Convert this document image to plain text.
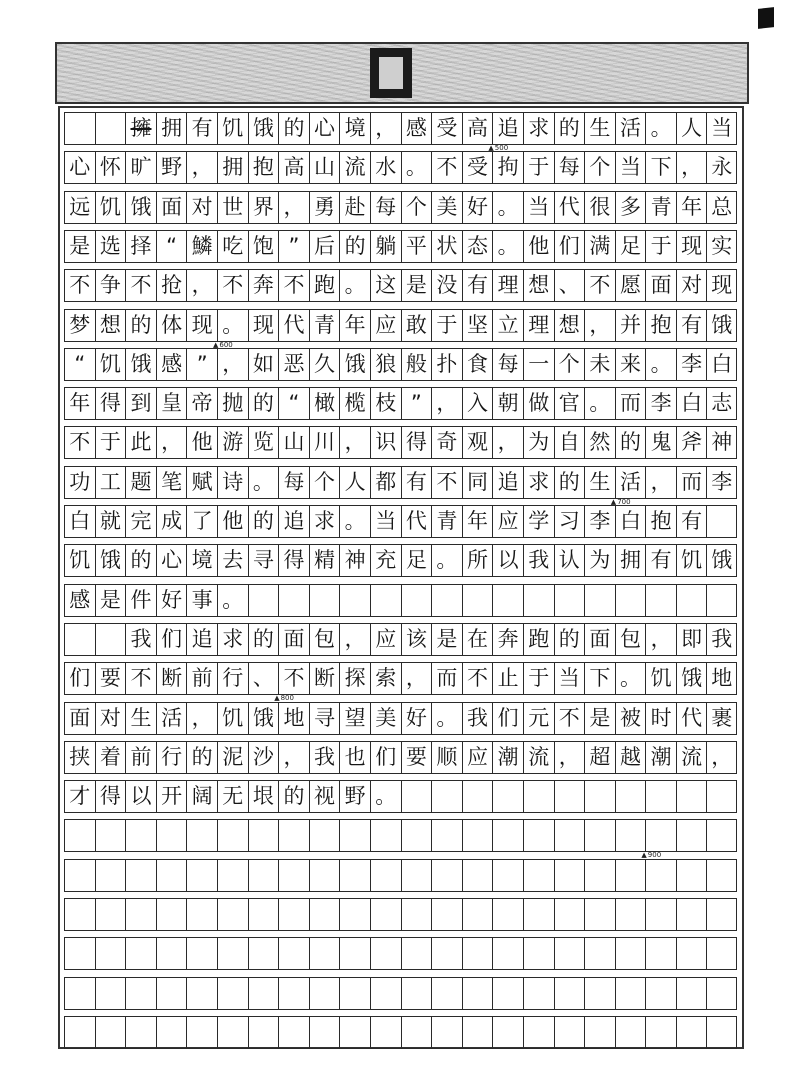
擁 拥 有 饥 饿 的 心 境 ， 感 受 高 追 求 的 生 活 。 人 当
心 怀 旷 野 ， 拥 抱 高 山 流 水 。 不 受 拘 于 每 个 当 下 ， 永
远 饥 饿 面 对 世 界 ， 勇 赴 每 个 美 好 。 当 代 很 多 青 年 总
是 选 择 “ 鱗 吃 饱 ” 后 的 躺 平 状 态 。 他 们 满 足 于 现 实
不 争 不 抢 ， 不 奔 不 跑 。 这 是 没 有 理 想 、 不 愿 面 对 现
梦 想 的 体 现 。 现 代 青 年 应 敢 于 坚 立 理 想 ， 并 抱 有 饿
“ 饥 饿 感 ” ， 如 恶 久 饿 狼 般 扑 食 每 一 个 未 来 。 李 白
年 得 到 皇 帝 抛 的 “ 橄 榄 枝 ” ， 入 朝 做 官 。 而 李 白 志
不 于 此 ， 他 游 览 山 川 ， 识 得 奇 观 ， 为 自 然 的 鬼 斧 神
功 工 题 笔 赋 诗 。 每 个 人 都 有 不 同 追 求 的 生 活 ， 而 李
白 就 完 成 了 他 的 追 求 。 当 代 青 年 应 学 习 李 白 抱 有
饥 饿 的 心 境 去 寻 得 精 神 充 足 。 所 以 我 认 为 拥 有 饥 饿
感 是 件 好 事 。
我 们 追 求 的 面 包 ， 应 该 是 在 奔 跑 的 面 包 ， 即 我
们 要 不 断 前 行 、 不 断 探 索 ， 而 不 止 于 当 下 。 饥 饿 地
面 对 生 活 ， 饥 饿 地 寻 望 美 好 。 我 们 元 不 是 被 时 代 裹
挟 着 前 行 的 泥 沙 ， 我 也 们 要 顺 应 潮 流 ， 超 越 潮 流 ，
才 得 以 开 阔 无 垠 的 视 野 。
▲ 500
▲ 600
▲ 700
▲ 800
▲ 900
